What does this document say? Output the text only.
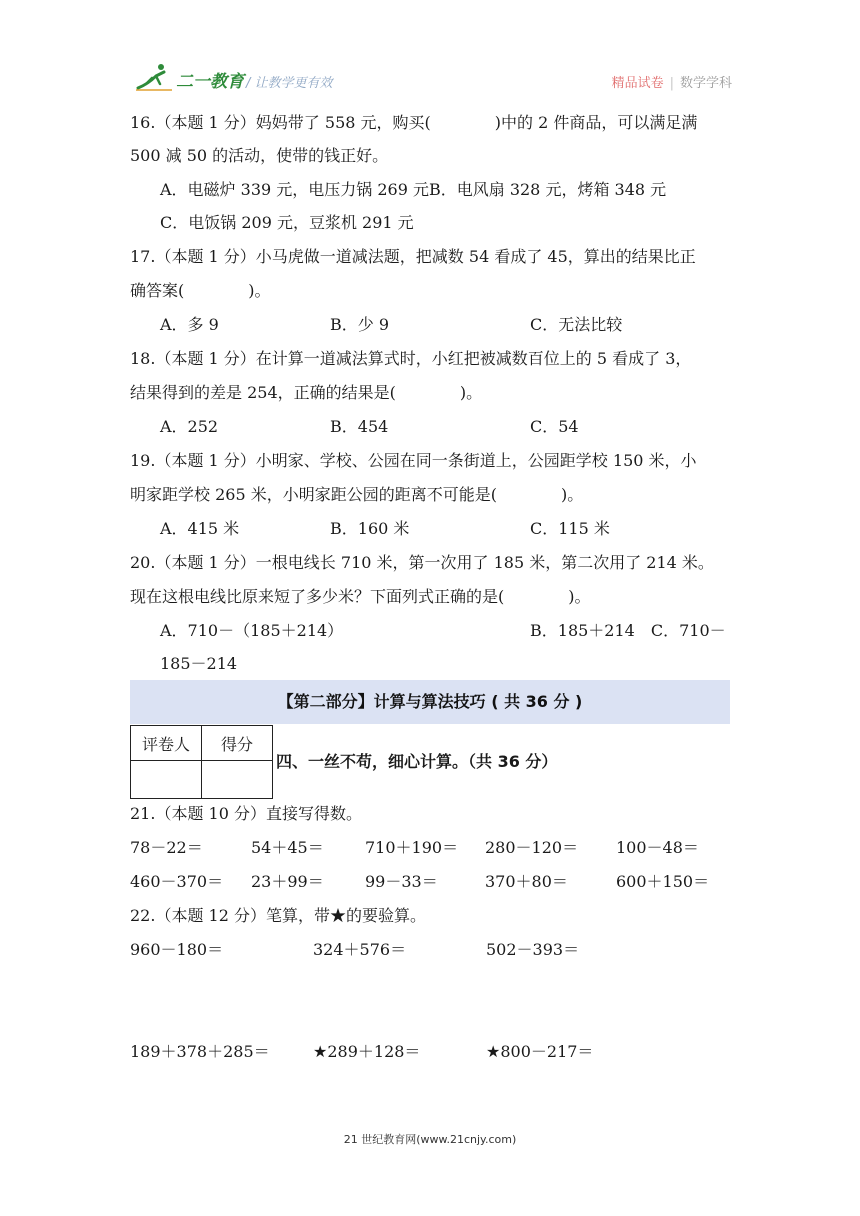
二一教育 / 让教学更有效	精品试卷 | 数学学科
16.（本题 1 分）妈妈带了 558 元，购买(　　　　)中的 2 件商品，可以满足满
500 减 50 的活动，使带的钱正好。
A．电磁炉 339 元，电压力锅 269 元B．电风扇 328 元，烤箱 348 元
C．电饭锅 209 元，豆浆机 291 元
17.（本题 1 分）小马虎做一道减法题，把减数 54 看成了 45，算出的结果比正
确答案(　　　　)。
A．多 9	B．少 9	C．无法比较
18.（本题 1 分）在计算一道减法算式时，小红把被减数百位上的 5 看成了 3，
结果得到的差是 254，正确的结果是(　　　　)。
A．252	B．454	C．54
19.（本题 1 分）小明家、学校、公园在同一条街道上，公园距学校 150 米，小
明家距学校 265 米，小明家距公园的距离不可能是(　　　　)。
A．415 米	B．160 米	C．115 米
20.（本题 1 分）一根电线长 710 米，第一次用了 185 米，第二次用了 214 米。
现在这根电线比原来短了多少米？下面列式正确的是(　　　　)。
A．710－（185＋214）	B．185＋214　C．710－
185－214
【第二部分】计算与算法技巧 ( 共 36 分 )
评卷人	得分

四、一丝不苟，细心计算。（共 36 分）
21.（本题 10 分）直接写得数。
78－22＝	54＋45＝	710＋190＝ 280－120＝ 100－48＝
460－370＝ 23＋99＝	99－33＝	370＋80＝	600＋150＝
22.（本题 12 分）笔算，带★的要验算。
960－180＝	324＋576＝	502－393＝
189＋378＋285＝	★289＋128＝	★800－217＝
21 世纪教育网(www.21cnjy.com)
